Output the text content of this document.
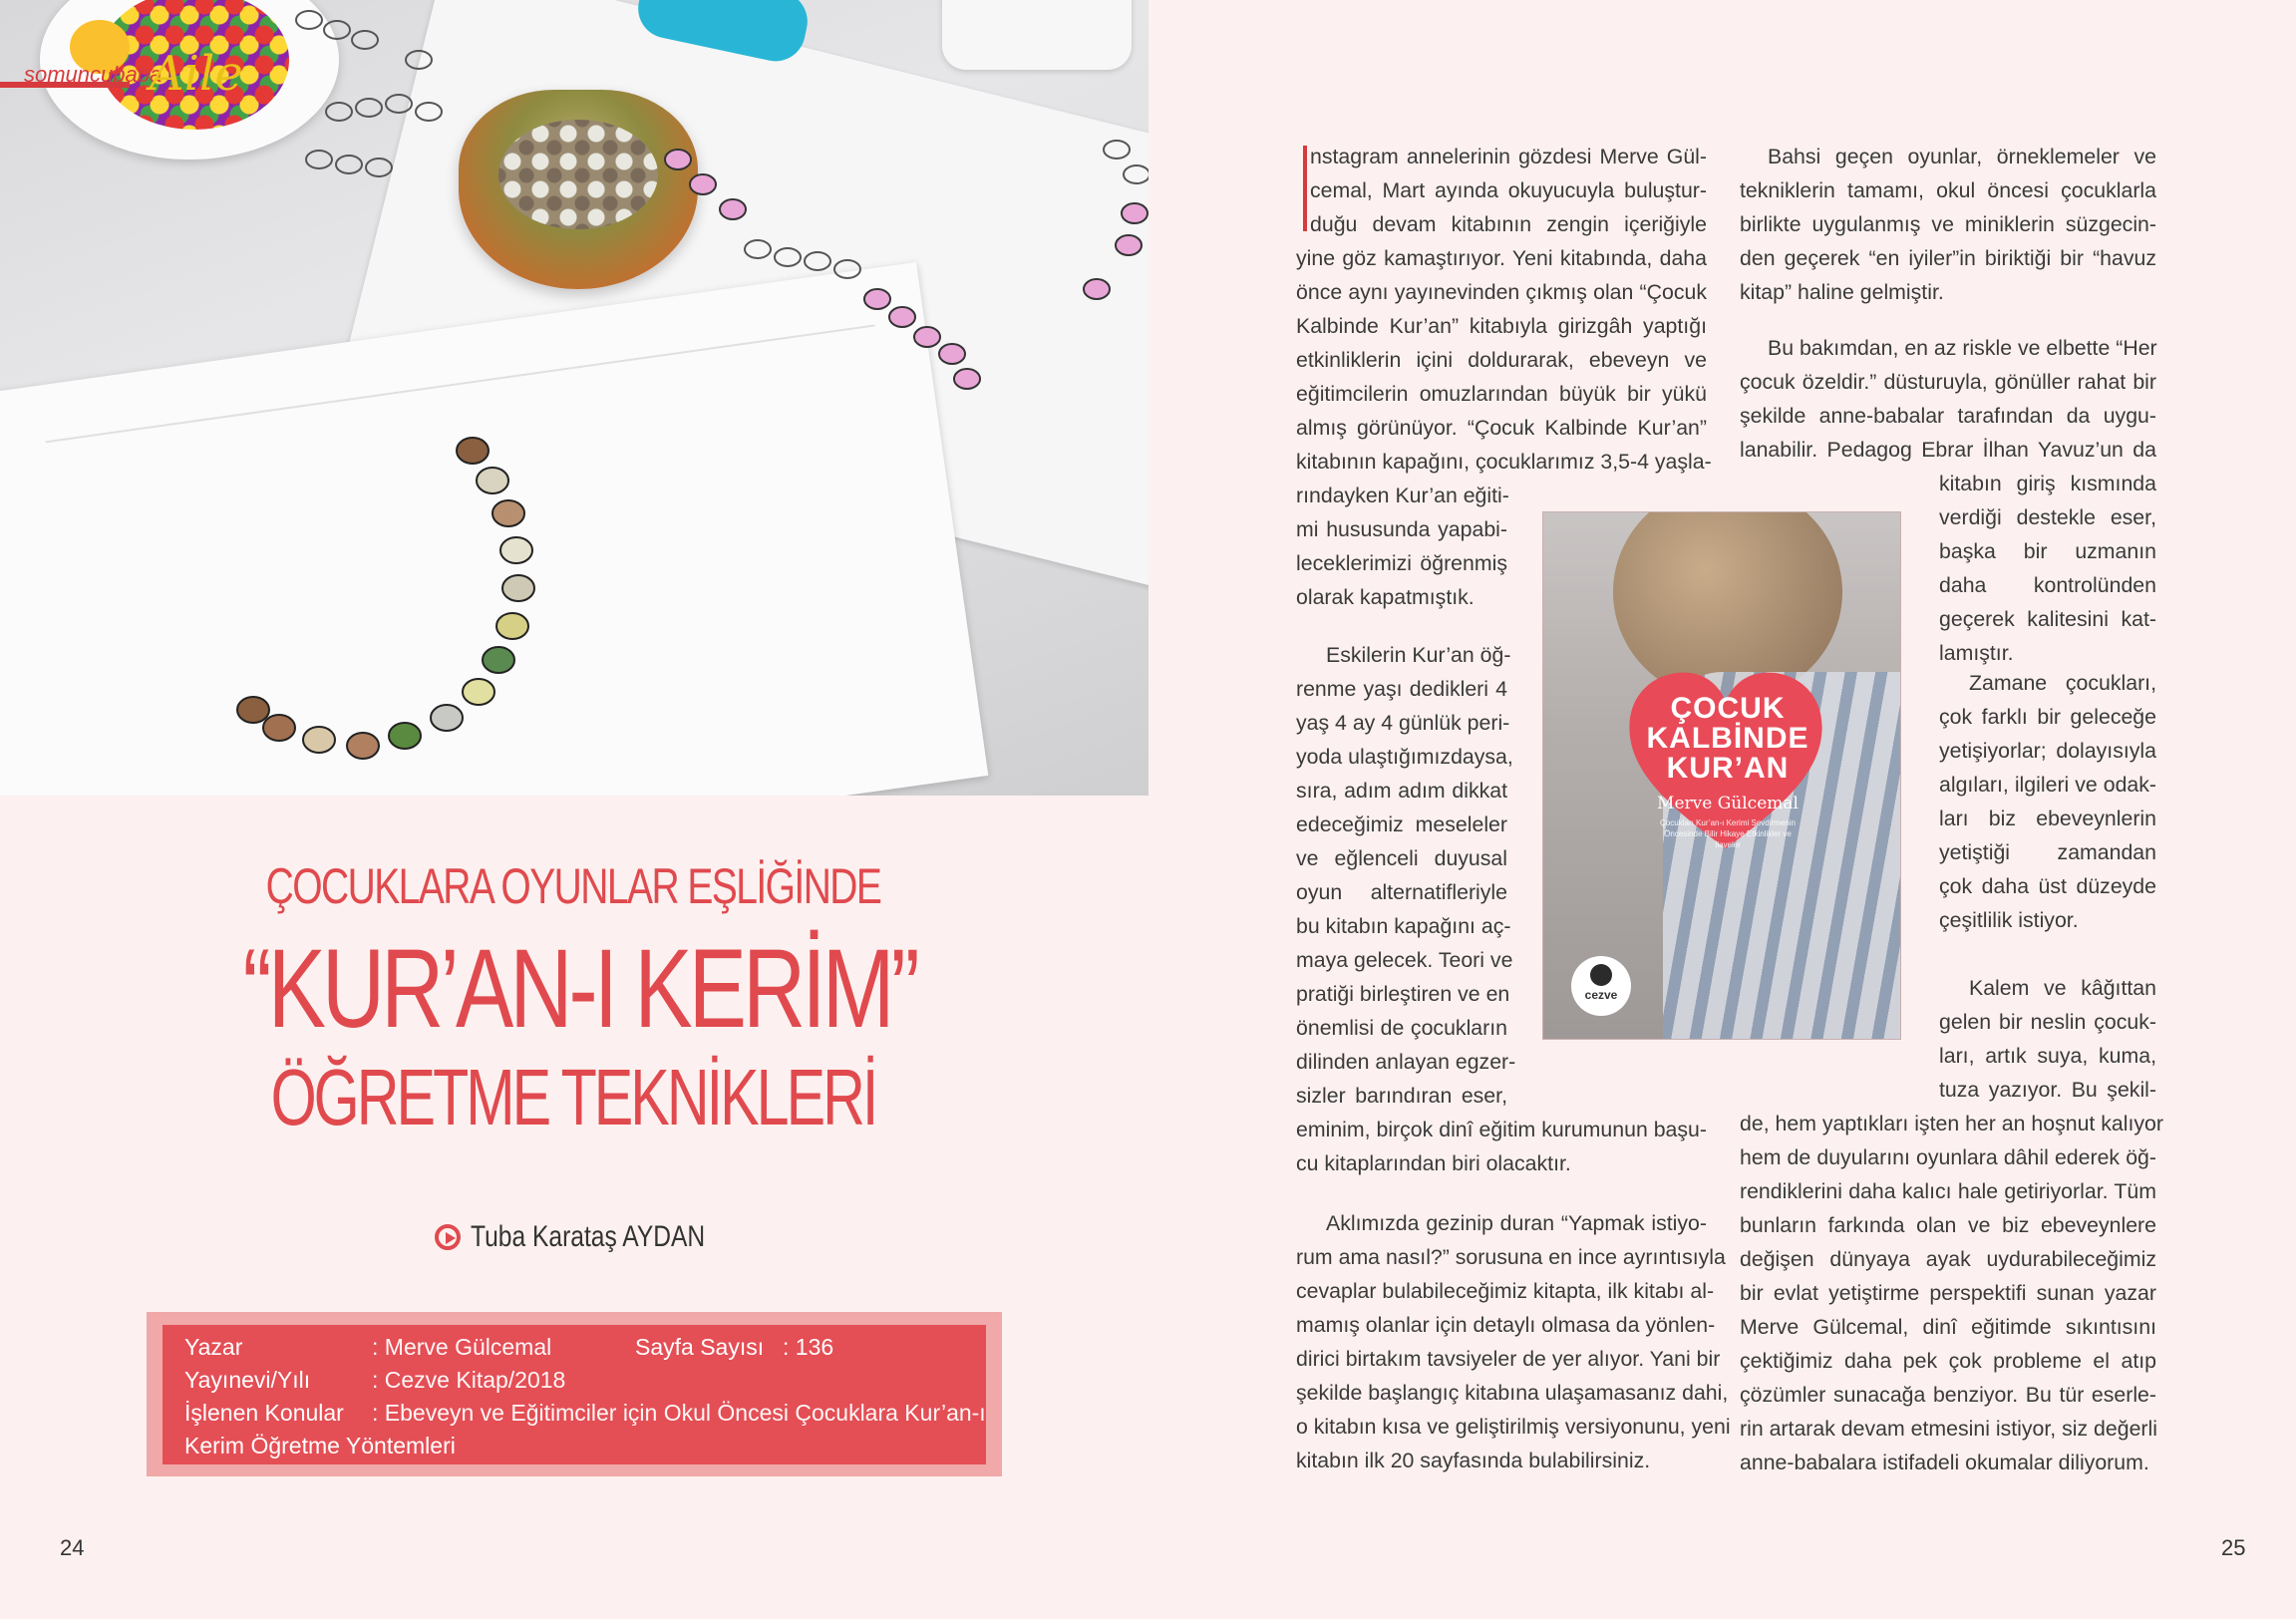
somuncubaba
Aile
ÇOCUKLARA OYUNLAR EŞLİĞİNDE
“KUR’AN-I KERİM”
ÖĞRETME TEKNİKLERİ
Tuba Karataş AYDAN
Yazar	: Merve Gülcemal	Sayfa Sayısı : 136
Yayınevi/Yılı	: Cezve Kitap/2018
İşlenen Konular : Ebeveyn ve Eğitimciler için Okul Öncesi Çocuklara Kur’an-ı
Kerim Öğretme Yöntemleri
24
nstagram annelerinin gözdesi Merve Gül-
cemal, Mart ayında okuyucuyla buluştur-
duğu devam kitabının zengin içeriğiyle
yine göz kamaştırıyor. Yeni kitabında, daha
önce aynı yayınevinden çıkmış olan “Çocuk
Kalbinde Kur’an” kitabıyla girizgâh yaptığı
etkinliklerin içini doldurarak, ebeveyn ve
eğitimcilerin omuzlarından büyük bir yükü
almış görünüyor. “Çocuk Kalbinde Kur’an”
kitabının kapağını, çocuklarımız 3,5-4 yaşla-
rındayken Kur’an eğiti-
mi hususunda yapabi-
leceklerimizi öğrenmiş
olarak kapatmıştık.
Eskilerin Kur’an öğ-
renme yaşı dedikleri 4
yaş 4 ay 4 günlük peri-
yoda ulaştığımızdaysa,
sıra, adım adım dikkat
edeceğimiz meseleler
ve eğlenceli duyusal
oyun alternatifleriyle
bu kitabın kapağını aç-
maya gelecek. Teori ve
pratiği birleştiren ve en
önemlisi de çocukların
dilinden anlayan egzer-
sizler barındıran eser,
eminim, birçok dinî eğitim kurumunun başu-
cu kitaplarından biri olacaktır.
Aklımızda gezinip duran “Yapmak istiyo-
rum ama nasıl?” sorusuna en ince ayrıntısıyla
cevaplar bulabileceğimiz kitapta, ilk kitabı al-
mamış olanlar için detaylı olmasa da yönlen-
dirici birtakım tavsiyeler de yer alıyor. Yani bir
şekilde başlangıç kitabına ulaşamasanız dahi,
o kitabın kısa ve geliştirilmiş versiyonunu, yeni
kitabın ilk 20 sayfasında bulabilirsiniz.
Bahsi geçen oyunlar, örneklemeler ve
tekniklerin tamamı, okul öncesi çocuklarla
birlikte uygulanmış ve miniklerin süzgecin-
den geçerek “en iyiler”in biriktiği bir “havuz
kitap” haline gelmiştir.
Bu bakımdan, en az riskle ve elbette “Her
çocuk özeldir.” düsturuyla, gönüller rahat bir
şekilde anne-babalar tarafından da uygu-
lanabilir. Pedagog Ebrar İlhan Yavuz’un da
kitabın giriş kısmında
verdiği destekle eser,
başka bir uzmanın
daha kontrolünden
geçerek kalitesini kat-
lamıştır.
Zamane çocukları,
çok farklı bir geleceğe
yetişiyorlar; dolayısıyla
algıları, ilgileri ve odak-
ları biz ebeveynlerin
yetiştiği zamandan
çok daha üst düzeyde
çeşitlilik istiyor.
Kalem ve kâğıttan
gelen bir neslin çocuk-
ları, artık suya, kuma,
tuza yazıyor. Bu şekil-
de, hem yaptıkları işten her an hoşnut kalıyor
hem de duyularını oyunlara dâhil ederek öğ-
rendiklerini daha kalıcı hale getiriyorlar. Tüm
bunların farkında olan ve biz ebeveynlere
değişen dünyaya ayak uydurabileceğimiz
bir evlat yetiştirme perspektifi sunan yazar
Merve Gülcemal, dinî eğitimde sıkıntısını
çektiğimiz daha pek çok probleme el atıp
çözümler sunacağa benziyor. Bu tür eserle-
rin artarak devam etmesini istiyor, siz değerli
anne-babalara istifadeli okumalar diliyorum.
ÇOCUK
KALBİNDE
KUR’AN
Merve Gülcemal
Çocukları Kur’an-ı Kerimi Sevdirmenin Öncesinde Bilir Hikaye Etkinlikler ve İlaveler
cezve
25
